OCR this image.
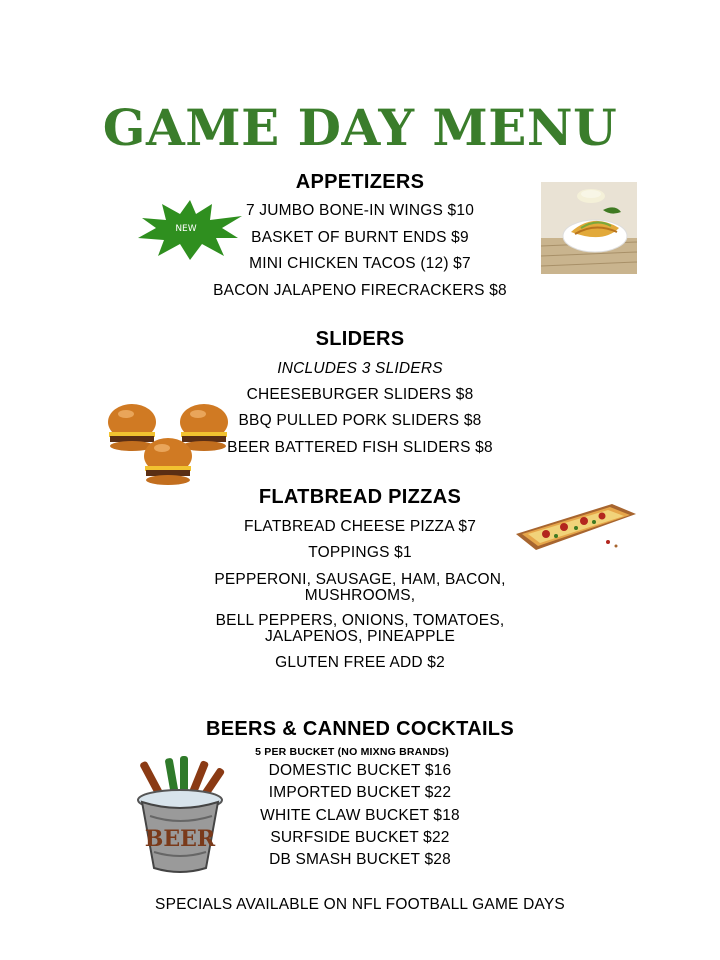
GAME DAY MENU
APPETIZERS
7 JUMBO BONE-IN WINGS $10
BASKET OF BURNT ENDS $9
MINI CHICKEN TACOS (12) $7
BACON JALAPENO FIRECRACKERS $8
NEW
SLIDERS
INCLUDES 3 SLIDERS
CHEESEBURGER SLIDERS $8
BBQ PULLED PORK SLIDERS $8
BEER BATTERED FISH SLIDERS $8
FLATBREAD PIZZAS
FLATBREAD CHEESE PIZZA $7
TOPPINGS $1
PEPPERONI, SAUSAGE, HAM, BACON,
MUSHROOMS,
BELL PEPPERS, ONIONS, TOMATOES,
JALAPENOS, PINEAPPLE
GLUTEN FREE ADD $2
BEERS & CANNED COCKTAILS
5 PER BUCKET (NO MIXNG BRANDS)
DOMESTIC BUCKET $16
IMPORTED BUCKET $22
WHITE CLAW BUCKET $18
SURFSIDE BUCKET $22
DB SMASH BUCKET $28
BEER
SPECIALS AVAILABLE ON NFL FOOTBALL GAME DAYS
